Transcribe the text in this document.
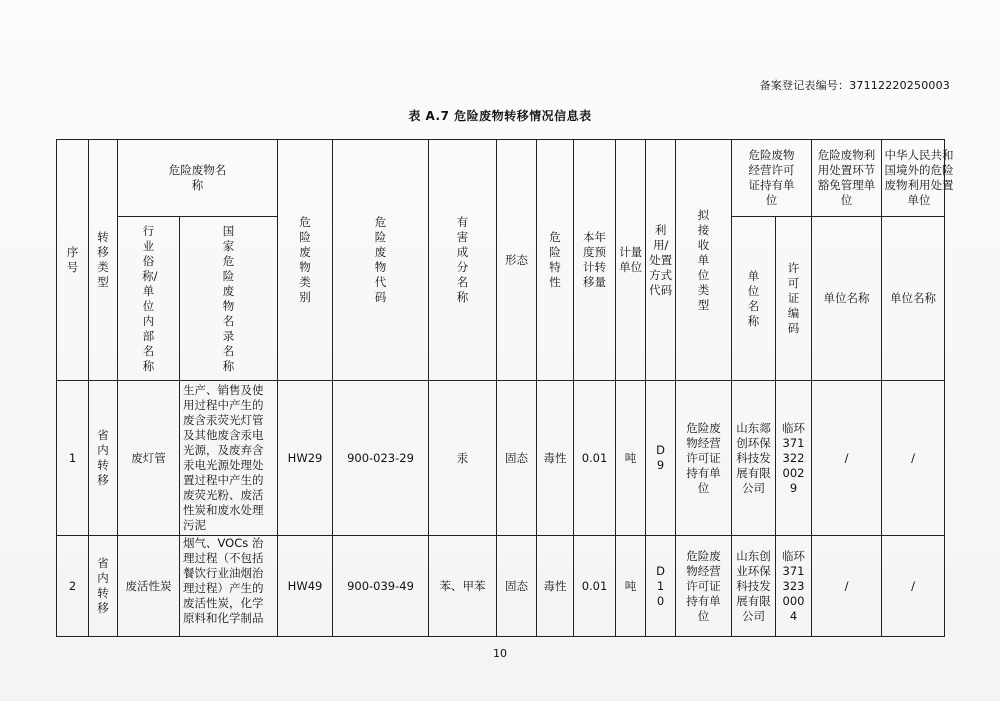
备案登记表编号：37112220250003
表 A.7 危险废物转移情况信息表
序号	转移类型	危险废物名称		危险废物类别	危险废物代码	有害成分名称	形态	危险特性	本年度预计转移量	计量单位	利用/处置方式代码	拟接收单位类型	危险废物经营许可证持有单位		危险废物利用处置环节豁免管理单位	中华人民共和国境外的危险废物利用处置单位
		行业俗称/单位内部名称	国家危险废物名录名称										单位名称	许可证编码	单位名称	单位名称
1	省内转移	废灯管	生产、销售及使用过程中产生的废含汞荧光灯管及其他废含汞电光源，及废弃含汞电光源处理处置过程中产生的废荧光粉、废活性炭和废水处理污泥	HW29	900-023-29	汞	固态	毒性	0.01	吨	D9	危险废物经营许可证持有单位	山东郯创环保科技发展有限公司	临环371322 0029	/	/
2	省内转移	废活性炭	烟气、VOCs 治理过程（不包括餐饮行业油烟治理过程）产生的废活性炭，化学原料和化学制品	HW49	900-039-49	苯、甲苯	固态	毒性	0.01	吨	D10	危险废物经营许可证持有单位	山东创业环保科技发展有限公司	临环371323 0004	/	/
10
